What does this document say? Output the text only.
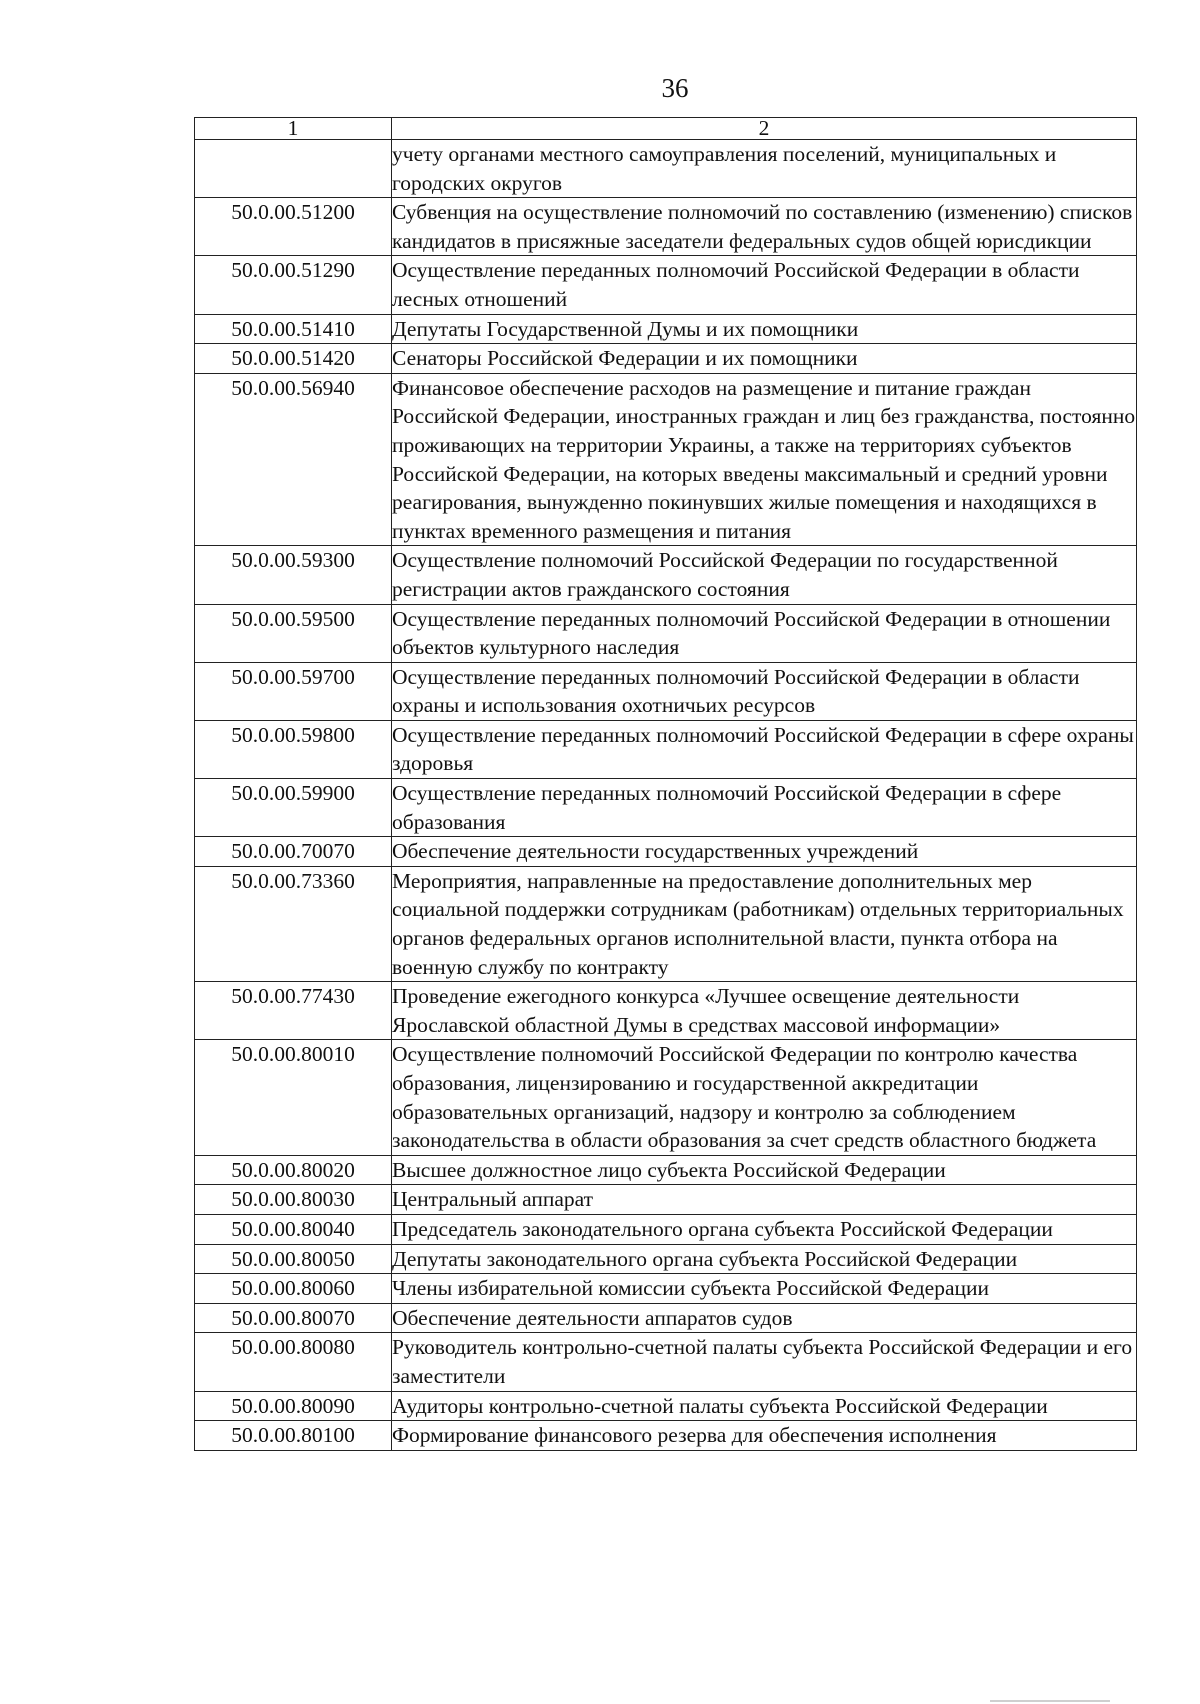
36
1	2
	учету органами местного самоуправления поселений, муниципальных и городских округов
50.0.00.51200	Субвенция на осуществление полномочий по составлению (изменению) списков кандидатов в присяжные заседатели федеральных судов общей юрисдикции
50.0.00.51290	Осуществление переданных полномочий Российской Федерации в области лесных отношений
50.0.00.51410	Депутаты Государственной Думы и их помощники
50.0.00.51420	Сенаторы Российской Федерации и их помощники
50.0.00.56940	Финансовое обеспечение расходов на размещение и питание граждан Российской Федерации, иностранных граждан и лиц без гражданства, постоянно проживающих на территории Украины, а также на территориях субъектов Российской Федерации, на которых введены максимальный и средний уровни реагирования, вынужденно покинувших жилые помещения и находящихся в пунктах временного размещения и питания
50.0.00.59300	Осуществление полномочий Российской Федерации по государственной регистрации актов гражданского состояния
50.0.00.59500	Осуществление переданных полномочий Российской Федерации в отношении объектов культурного наследия
50.0.00.59700	Осуществление переданных полномочий Российской Федерации в области охраны и использования охотничьих ресурсов
50.0.00.59800	Осуществление переданных полномочий Российской Федерации в сфере охраны здоровья
50.0.00.59900	Осуществление переданных полномочий Российской Федерации в сфере образования
50.0.00.70070	Обеспечение деятельности государственных учреждений
50.0.00.73360	Мероприятия, направленные на предоставление дополнительных мер социальной поддержки сотрудникам (работникам) отдельных территориальных органов федеральных органов исполнительной власти, пункта отбора на военную службу по контракту
50.0.00.77430	Проведение ежегодного конкурса «Лучшее освещение деятельности Ярославской областной Думы в средствах массовой информации»
50.0.00.80010	Осуществление полномочий Российской Федерации по контролю качества образования, лицензированию и государственной аккредитации образовательных организаций, надзору и контролю за соблюдением законодательства в области образования за счет средств областного бюджета
50.0.00.80020	Высшее должностное лицо субъекта Российской Федерации
50.0.00.80030	Центральный аппарат
50.0.00.80040	Председатель законодательного органа субъекта Российской Федерации
50.0.00.80050	Депутаты законодательного органа субъекта Российской Федерации
50.0.00.80060	Члены избирательной комиссии субъекта Российской Федерации
50.0.00.80070	Обеспечение деятельности аппаратов судов
50.0.00.80080	Руководитель контрольно-счетной палаты субъекта Российской Федерации и его заместители
50.0.00.80090	Аудиторы контрольно-счетной палаты субъекта Российской Федерации
50.0.00.80100	Формирование финансового резерва для обеспечения исполнения
